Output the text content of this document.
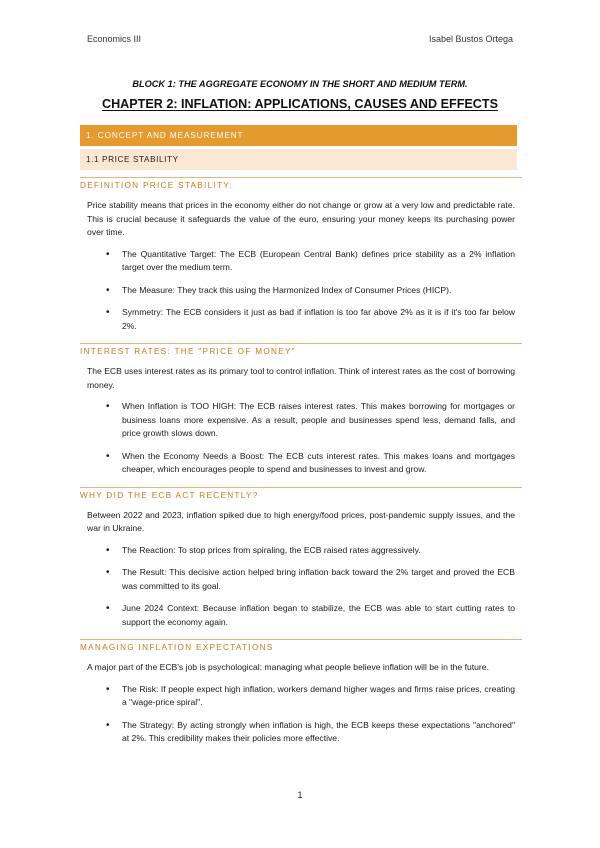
Economics III	Isabel Bustos Ortega
BLOCK 1: THE AGGREGATE ECONOMY IN THE SHORT AND MEDIUM TERM.
CHAPTER 2: INFLATION: APPLICATIONS, CAUSES AND EFFECTS
1. CONCEPT AND MEASUREMENT
1.1 PRICE STABILITY
DEFINITION PRICE STABILITY:

Price stability means that prices in the economy either do not change or grow at a very low and predictable rate. This is crucial because it safeguards the value of the euro, ensuring your money keeps its purchasing power over time.

• The Quantitative Target: The ECB (European Central Bank) defines price stability as a 2% inflation target over the medium term.
• The Measure: They track this using the Harmonized Index of Consumer Prices (HICP).
• Symmetry: The ECB considers it just as bad if inflation is too far above 2% as it is if it's too far below 2%.
INTEREST RATES: THE "PRICE OF MONEY"

The ECB uses interest rates as its primary tool to control inflation. Think of interest rates as the cost of borrowing money.

• When Inflation is TOO HIGH: The ECB raises interest rates. This makes borrowing for mortgages or business loans more expensive. As a result, people and businesses spend less, demand falls, and price growth slows down.
• When the Economy Needs a Boost: The ECB cuts interest rates. This makes loans and mortgages cheaper, which encourages people to spend and businesses to invest and grow.
WHY DID THE ECB ACT RECENTLY?

Between 2022 and 2023, inflation spiked due to high energy/food prices, post-pandemic supply issues, and the war in Ukraine.

• The Reaction: To stop prices from spiraling, the ECB raised rates aggressively.
• The Result: This decisive action helped bring inflation back toward the 2% target and proved the ECB was committed to its goal.
• June 2024 Context: Because inflation began to stabilize, the ECB was able to start cutting rates to support the economy again.
MANAGING INFLATION EXPECTATIONS

A major part of the ECB's job is psychological: managing what people believe inflation will be in the future.

• The Risk: If people expect high inflation, workers demand higher wages and firms raise prices, creating a "wage-price spiral".
• The Strategy: By acting strongly when inflation is high, the ECB keeps these expectations "anchored" at 2%. This credibility makes their policies more effective.
1
